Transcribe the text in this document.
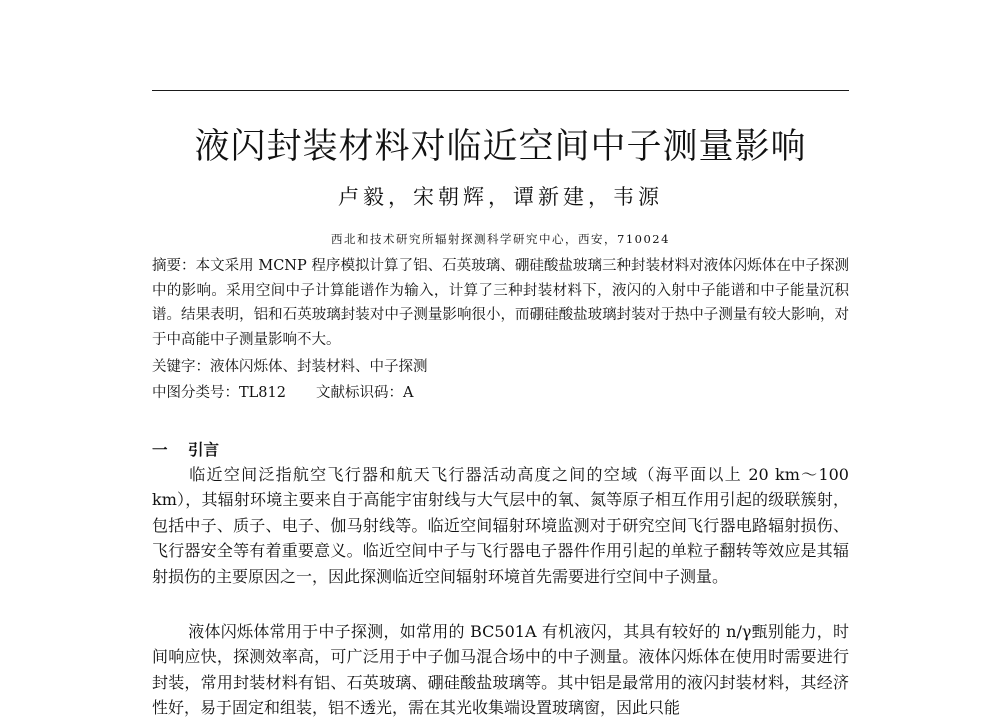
液闪封装材料对临近空间中子测量影响

卢毅，宋朝辉，谭新建，韦源

西北和技术研究所辐射探测科学研究中心，西安，710024

摘要：本文采用 MCNP 程序模拟计算了铝、石英玻璃、硼硅酸盐玻璃三种封装材料对液体闪烁体在中子探测中的影响。采用空间中子计算能谱作为输入，计算了三种封装材料下，液闪的入射中子能谱和中子能量沉积谱。结果表明，铝和石英玻璃封装对中子测量影响很小，而硼硅酸盐玻璃封装对于热中子测量有较大影响，对于中高能中子测量影响不大。

关键字：液体闪烁体、封装材料、中子探测

中图分类号：TL812 文献标识码：A

一 引言

临近空间泛指航空飞行器和航天飞行器活动高度之间的空域（海平面以上 20 km～100 km），其辐射环境主要来自于高能宇宙射线与大气层中的氧、氮等原子相互作用引起的级联簇射，包括中子、质子、电子、伽马射线等。临近空间辐射环境监测对于研究空间飞行器电路辐射损伤、飞行器安全等有着重要意义。临近空间中子与飞行器电子器件作用引起的单粒子翻转等效应是其辐射损伤的主要原因之一，因此探测临近空间辐射环境首先需要进行空间中子测量。

液体闪烁体常用于中子探测，如常用的 BC501A 有机液闪，其具有较好的 n/γ甄别能力，时间响应快，探测效率高，可广泛用于中子伽马混合场中的中子测量。液体闪烁体在使用时需要进行封装，常用封装材料有铝、石英玻璃、硼硅酸盐玻璃等。其中铝是最常用的液闪封装材料，其经济性好，易于固定和组装，铝不透光，需在其光收集端设置玻璃窗，因此只能
